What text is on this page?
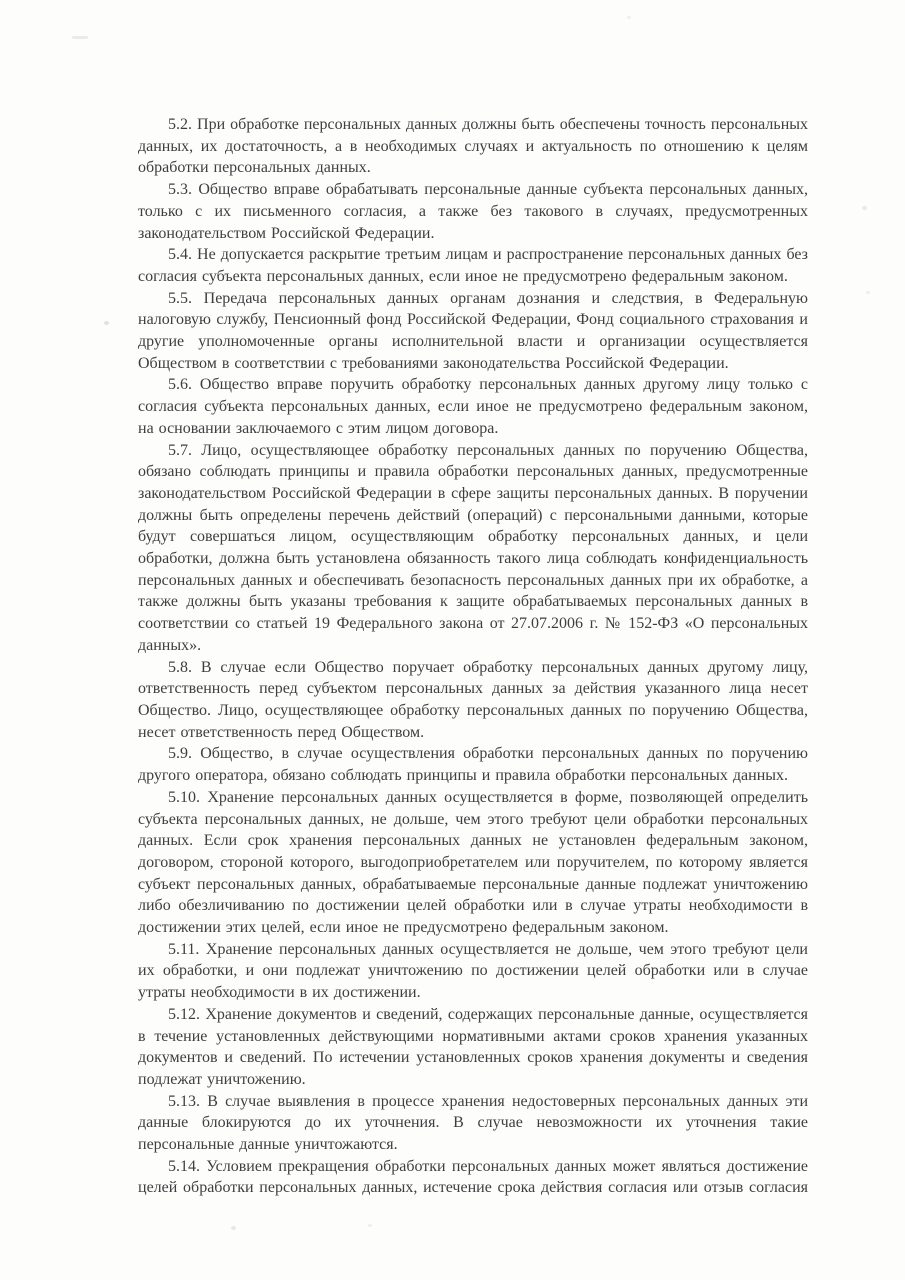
5.2. При обработке персональных данных должны быть обеспечены точность персональных данных, их достаточность, а в необходимых случаях и актуальность по отношению к целям обработки персональных данных.

5.3. Общество вправе обрабатывать персональные данные субъекта персональных данных, только с их письменного согласия, а также без такового в случаях, предусмотренных законодательством Российской Федерации.

5.4. Не допускается раскрытие третьим лицам и распространение персональных данных без согласия субъекта персональных данных, если иное не предусмотрено федеральным законом.

5.5. Передача персональных данных органам дознания и следствия, в Федеральную налоговую службу, Пенсионный фонд Российской Федерации, Фонд социального страхования и другие уполномоченные органы исполнительной власти и организации осуществляется Обществом в соответствии с требованиями законодательства Российской Федерации.

5.6. Общество вправе поручить обработку персональных данных другому лицу только с согласия субъекта персональных данных, если иное не предусмотрено федеральным законом, на основании заключаемого с этим лицом договора.

5.7. Лицо, осуществляющее обработку персональных данных по поручению Общества, обязано соблюдать принципы и правила обработки персональных данных, предусмотренные законодательством Российской Федерации в сфере защиты персональных данных. В поручении должны быть определены перечень действий (операций) с персональными данными, которые будут совершаться лицом, осуществляющим обработку персональных данных, и цели обработки, должна быть установлена обязанность такого лица соблюдать конфиденциальность персональных данных и обеспечивать безопасность персональных данных при их обработке, а также должны быть указаны требования к защите обрабатываемых персональных данных в соответствии со статьей 19 Федерального закона от 27.07.2006 г. № 152-ФЗ «О персональных данных».

5.8. В случае если Общество поручает обработку персональных данных другому лицу, ответственность перед субъектом персональных данных за действия указанного лица несет Общество. Лицо, осуществляющее обработку персональных данных по поручению Общества, несет ответственность перед Обществом.

5.9. Общество, в случае осуществления обработки персональных данных по поручению другого оператора, обязано соблюдать принципы и правила обработки персональных данных.

5.10. Хранение персональных данных осуществляется в форме, позволяющей определить субъекта персональных данных, не дольше, чем этого требуют цели обработки персональных данных. Если срок хранения персональных данных не установлен федеральным законом, договором, стороной которого, выгодоприобретателем или поручителем, по которому является субъект персональных данных, обрабатываемые персональные данные подлежат уничтожению либо обезличиванию по достижении целей обработки или в случае утраты необходимости в достижении этих целей, если иное не предусмотрено федеральным законом.

5.11. Хранение персональных данных осуществляется не дольше, чем этого требуют цели их обработки, и они подлежат уничтожению по достижении целей обработки или в случае утраты необходимости в их достижении.

5.12. Хранение документов и сведений, содержащих персональные данные, осуществляется в течение установленных действующими нормативными актами сроков хранения указанных документов и сведений. По истечении установленных сроков хранения документы и сведения подлежат уничтожению.

5.13. В случае выявления в процессе хранения недостоверных персональных данных эти данные блокируются до их уточнения. В случае невозможности их уточнения такие персональные данные уничтожаются.

5.14. Условием прекращения обработки персональных данных может являться достижение целей обработки персональных данных, истечение срока действия согласия или отзыв согласия
